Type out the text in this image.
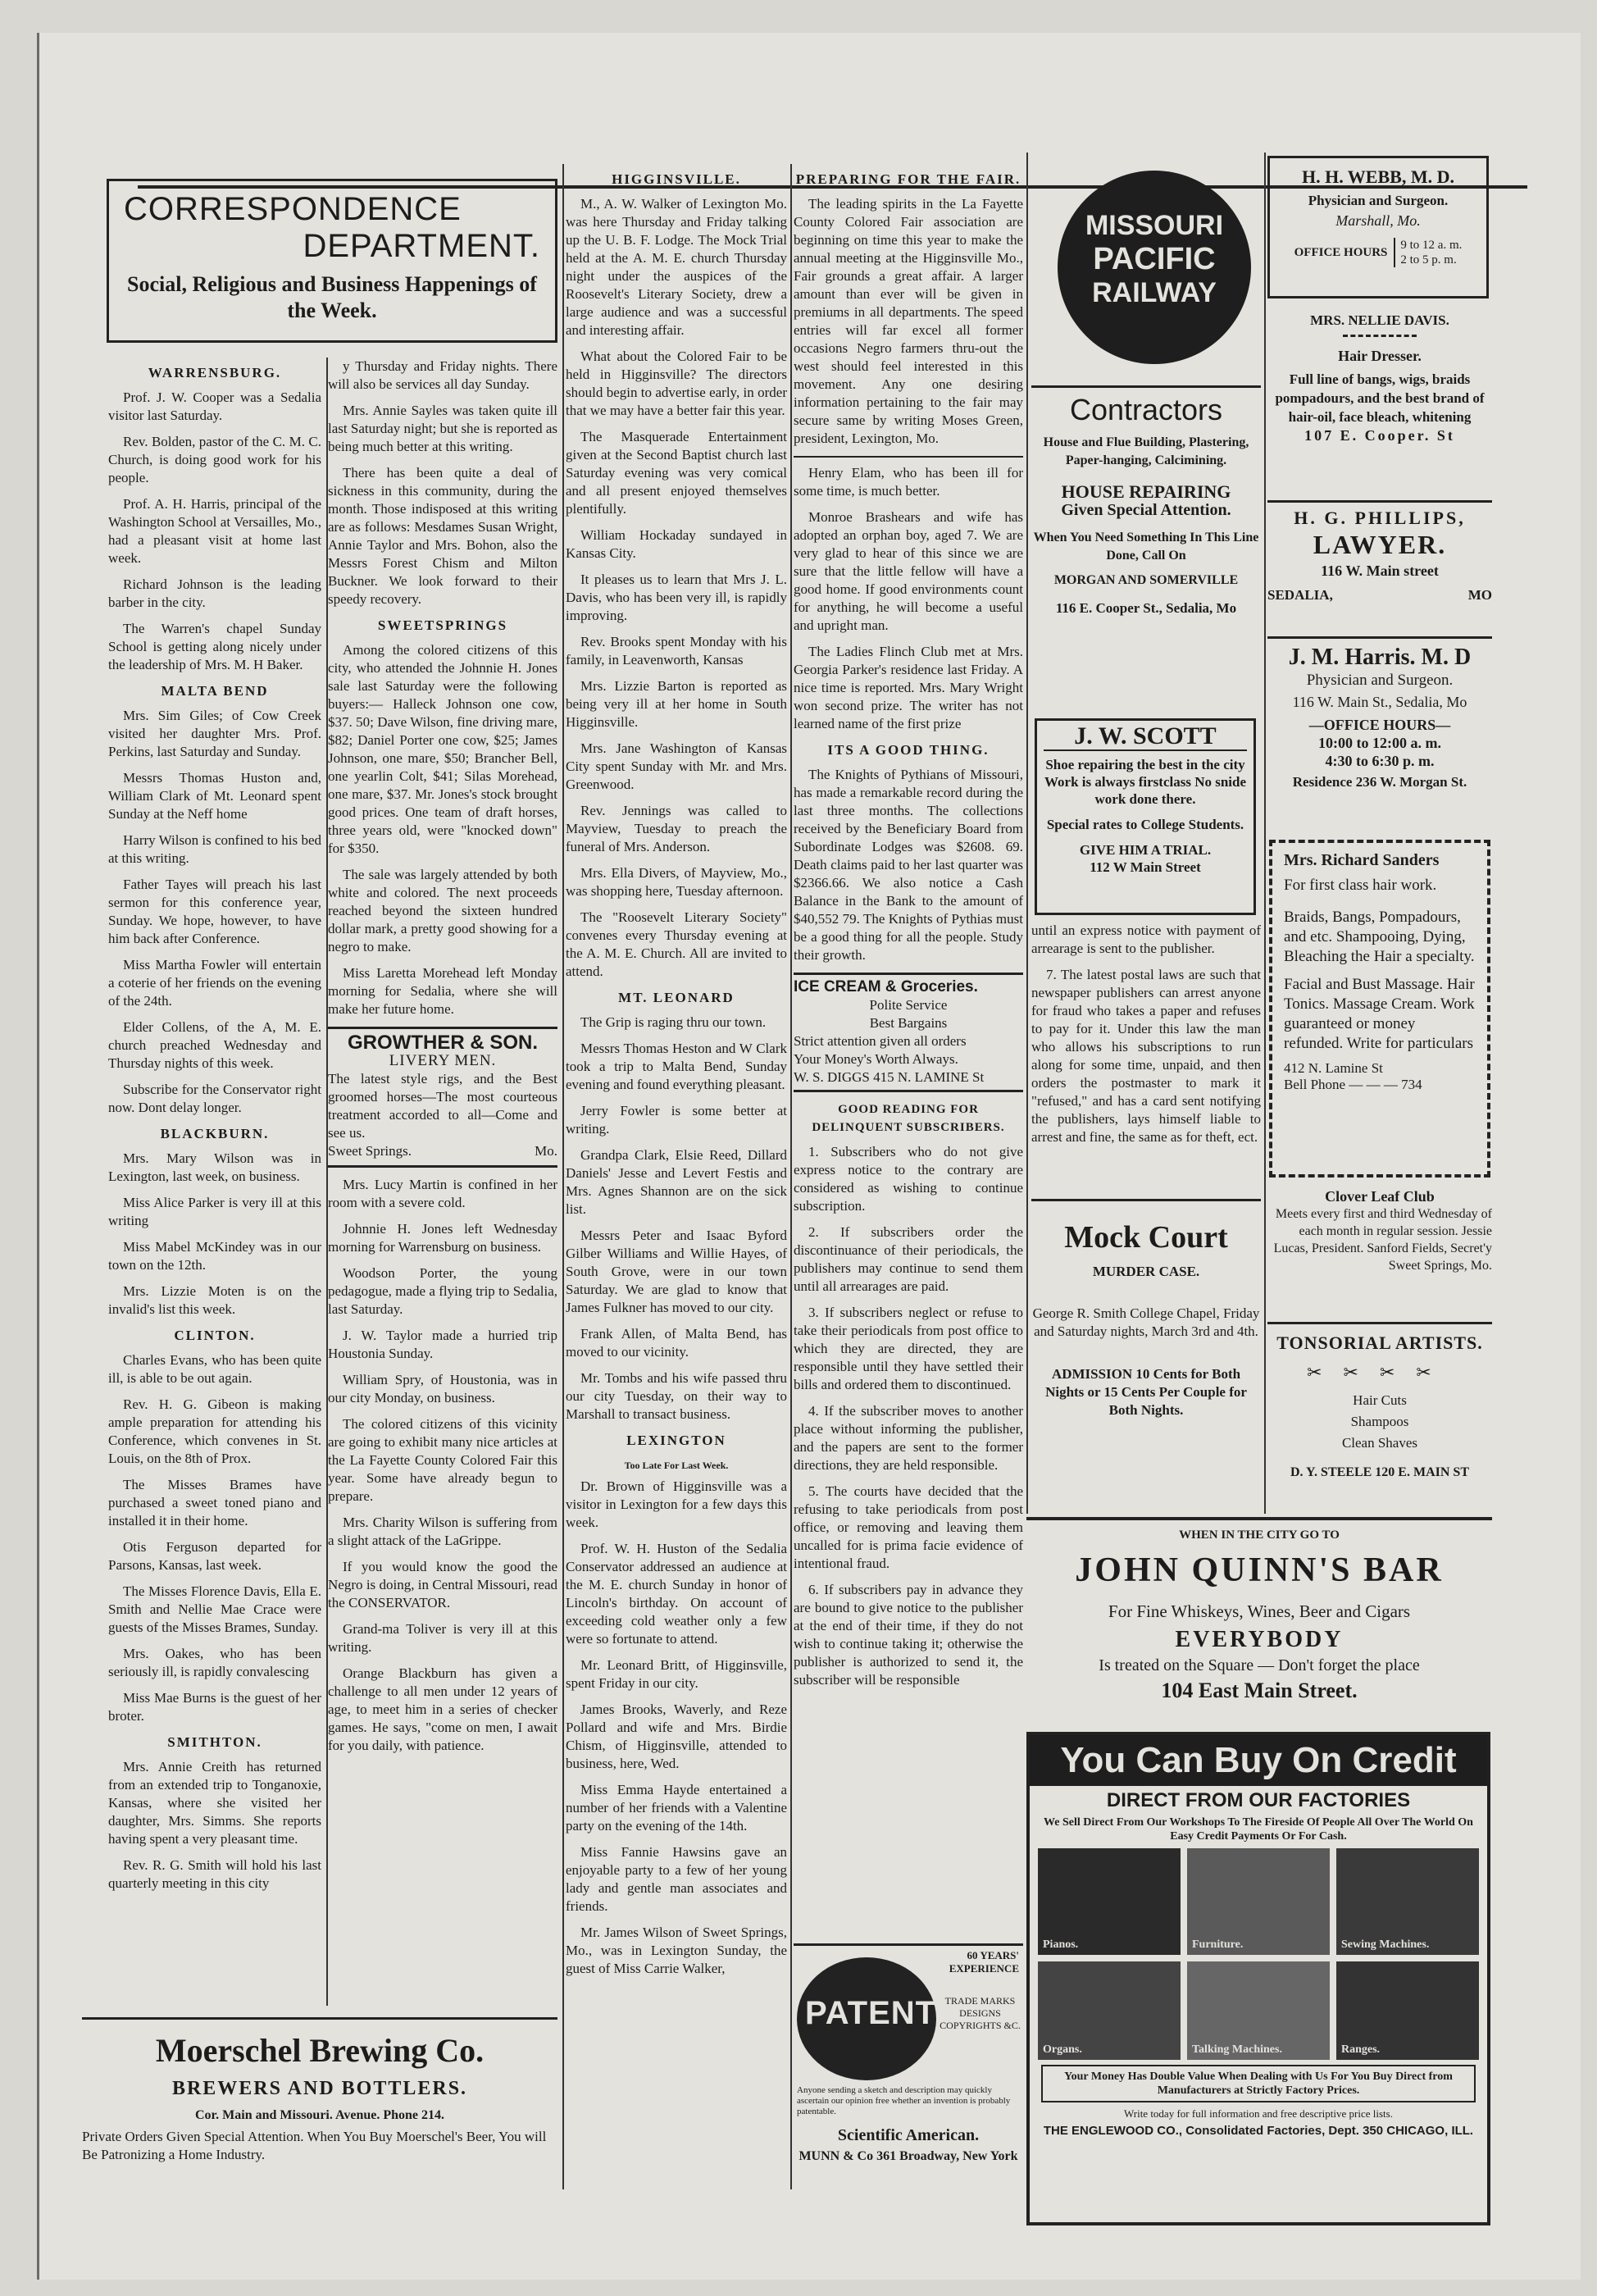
CORRESPONDENCE
DEPARTMENT.
Social, Religious and Business Happenings of the Week.
WARRENSBURG.

Prof. J. W. Cooper was a Sedalia visitor last Saturday.

Rev. Bolden, pastor of the C. M. C. Church, is doing good work for his people.

Prof. A. H. Harris, principal of the Washington School at Versailles, Mo., had a pleasant visit at home last week.

Richard Johnson is the leading barber in the city.

The Warren's chapel Sunday School is getting along nicely under the leadership of Mrs. M. H Baker.

MALTA BEND

Mrs. Sim Giles; of Cow Creek visited her daughter Mrs. Prof. Perkins, last Saturday and Sunday.

Messrs Thomas Huston and, William Clark of Mt. Leonard spent Sunday at the Neff home

Harry Wilson is confined to his bed at this writing.

Father Tayes will preach his last sermon for this conference year, Sunday. We hope, however, to have him back after Conference.

Miss Martha Fowler will entertain a coterie of her friends on the evening of the 24th.

Elder Collens, of the A, M. E. church preached Wednesday and Thursday nights of this week.

Subscribe for the Conservator right now. Dont delay longer.

BLACKBURN.

Mrs. Mary Wilson was in Lexington, last week, on business.

Miss Alice Parker is very ill at this writing

Miss Mabel McKindey was in our town on the 12th.

Mrs. Lizzie Moten is on the invalid's list this week.

CLINTON.

Charles Evans, who has been quite ill, is able to be out again.

Rev. H. G. Gibeon is making ample preparation for attending his Conference, which convenes in St. Louis, on the 8th of Prox.

The Misses Brames have purchased a sweet toned piano and installed it in their home.

Otis Ferguson departed for Parsons, Kansas, last week.

The Misses Florence Davis, Ella E. Smith and Nellie Mae Crace were guests of the Misses Brames, Sunday.

Mrs. Oakes, who has been seriously ill, is rapidly convalescing

Miss Mae Burns is the guest of her broter.

SMITHTON.

Mrs. Annie Creith has returned from an extended trip to Tonganoxie, Kansas, where she visited her daughter, Mrs. Simms. She reports having spent a very pleasant time.

Rev. R. G. Smith will hold his last quarterly meeting in this city

y Thursday and Friday nights. There will also be services all day Sunday.

Mrs. Annie Sayles was taken quite ill last Saturday night; but she is reported as being much better at this writing.

There has been quite a deal of sickness in this community, during the month. Those indisposed at this writing are as follows: Mesdames Susan Wright, Annie Taylor and Mrs. Bohon, also the Messrs Forest Chism and Milton Buckner. We look forward to their speedy recovery.

SWEETSPRINGS

Among the colored citizens of this city, who attended the Johnnie H. Jones sale last Saturday were the following buyers:— Halleck Johnson one cow, $37. 50; Dave Wilson, fine driving mare, $82; Daniel Porter one cow, $25; James Johnson, one mare, $50; Brancher Bell, one yearlin Colt, $41; Silas Morehead, one mare, $37. Mr. Jones's stock brought good prices. One team of draft horses, three years old, were "knocked down" for $350.

The sale was largely attended by both white and colored. The next proceeds reached beyond the sixteen hundred dollar mark, a pretty good showing for a negro to make.

Miss Laretta Morehead left Monday morning for Sedalia, where she will make her future home.

GROWTHER & SON.
LIVERY MEN.
The latest style rigs, and the Best groomed horses—The most courteous treatment accorded to all—Come and see us.
Sweet Springs.	Mo.

Mrs. Lucy Martin is confined in her room with a severe cold.

Johnnie H. Jones left Wednesday morning for Warrensburg on business.

Woodson Porter, the young pedagogue, made a flying trip to Sedalia, last Saturday.

J. W. Taylor made a hurried trip Houstonia Sunday.

William Spry, of Houstonia, was in our city Monday, on business.

The colored citizens of this vicinity are going to exhibit many nice articles at the La Fayette County Colored Fair this year. Some have already begun to prepare.

Mrs. Charity Wilson is suffering from a slight attack of the LaGrippe.

If you would know the good the Negro is doing, in Central Missouri, read the CONSERVATOR.

Grand-ma Toliver is very ill at this writing.

Orange Blackburn has given a challenge to all men under 12 years of age, to meet him in a series of checker games. He says, "come on men, I await for you daily, with patience.

Moerschel Brewing Co.
BREWERS AND BOTTLERS.
Cor. Main and Missouri. Avenue. Phone 214.
Private Orders Given Special Attention. When You Buy Moerschel's Beer, You will Be Patronizing a Home Industry.
HIGGINSVILLE.

M., A. W. Walker of Lexington Mo. was here Thursday and Friday talking up the U. B. F. Lodge. The Mock Trial held at the A. M. E. church Thursday night under the auspices of the Roosevelt's Literary Society, drew a large audience and was a successful and interesting affair.

What about the Colored Fair to be held in Higginsville? The directors should begin to advertise early, in order that we may have a better fair this year.

The Masquerade Entertainment given at the Second Baptist church last Saturday evening was very comical and all present enjoyed themselves plentifully.

William Hockaday sundayed in Kansas City.

It pleases us to learn that Mrs J. L. Davis, who has been very ill, is rapidly improving.

Rev. Brooks spent Monday with his family, in Leavenworth, Kansas

Mrs. Lizzie Barton is reported as being very ill at her home in South Higginsville.

Mrs. Jane Washington of Kansas City spent Sunday with Mr. and Mrs. Greenwood.

Rev. Jennings was called to Mayview, Tuesday to preach the funeral of Mrs. Anderson.

Mrs. Ella Divers, of Mayview, Mo., was shopping here, Tuesday afternoon.

The "Roosevelt Literary Society" convenes every Thursday evening at the A. M. E. Church. All are invited to attend.

MT. LEONARD

The Grip is raging thru our town.

Messrs Thomas Heston and W Clark took a trip to Malta Bend, Sunday evening and found everything pleasant.

Jerry Fowler is some better at writing.

Grandpa Clark, Elsie Reed, Dillard Daniels' Jesse and Levert Festis and Mrs. Agnes Shannon are on the sick list.

Messrs Peter and Isaac Byford Gilber Williams and Willie Hayes, of South Grove, were in our town Saturday. We are glad to know that James Fulkner has moved to our city.

Frank Allen, of Malta Bend, has moved to our vicinity.

Mr. Tombs and his wife passed thru our city Tuesday, on their way to Marshall to transact business.

LEXINGTON
Too Late For Last Week.

Dr. Brown of Higginsville was a visitor in Lexington for a few days this week.

Prof. W. H. Huston of the Sedalia Conservator addressed an audience at the M. E. church Sunday in honor of Lincoln's birthday. On account of exceeding cold weather only a few were so fortunate to attend.

Mr. Leonard Britt, of Higginsville, spent Friday in our city.

James Brooks, Waverly, and Reze Pollard and wife and Mrs. Birdie Chism, of Higginsville, attended to business, here, Wed.

Miss Emma Hayde entertained a number of her friends with a Valentine party on the evening of the 14th.

Miss Fannie Hawsins gave an enjoyable party to a few of her young lady and gentle man associates and friends.

Mr. James Wilson of Sweet Springs, Mo., was in Lexington Sunday, the guest of Miss Carrie Walker,

PREPARING FOR THE FAIR.

The leading spirits in the La Fayette County Colored Fair association are beginning on time this year to make the annual meeting at the Higginsville Mo., Fair grounds a great affair. A larger amount than ever will be given in premiums in all departments. The speed entries will far excel all former occasions Negro farmers thru-out the west should feel interested in this movement. Any one desiring information pertaining to the fair may secure same by writing Moses Green, president, Lexington, Mo.

Henry Elam, who has been ill for some time, is much better.

Monroe Brashears and wife has adopted an orphan boy, aged 7. We are very glad to hear of this since we are sure that the little fellow will have a good home. If good environments count for anything, he will become a useful and upright man.

The Ladies Flinch Club met at Mrs. Georgia Parker's residence last Friday. A nice time is reported. Mrs. Mary Wright won second prize. The writer has not learned name of the first prize

ITS A GOOD THING.

The Knights of Pythians of Missouri, has made a remarkable record during the last three months. The collections received by the Beneficiary Board from Subordinate Lodges was $2608. 69. Death claims paid to her last quarter was $2366.66. We also notice a Cash Balance in the Bank to the amount of $40,552 79. The Knights of Pythias must be a good thing for all the people. Study their growth.

ICE CREAM & Groceries.
Polite Service
Best Bargains
Strict attention given all orders
Your Money's Worth Always.
W. S. DIGGS 415 N. LAMINE St
GOOD READING FOR DELINQUENT SUBSCRIBERS.

1. Subscribers who do not give express notice to the contrary are considered as wishing to continue subscription.

2. If subscribers order the discontinuance of their periodicals, the publishers may continue to send them until all arrearages are paid.

3. If subscribers neglect or refuse to take their periodicals from post office to which they are directed, they are responsible until they have settled their bills and ordered them to discontinued.

4. If the subscriber moves to another place without informing the publisher, and the papers are sent to the former directions, they are held responsible.

5. The courts have decided that the refusing to take periodicals from post office, or removing and leaving them uncalled for is prima facie evidence of intentional fraud.

6. If subscribers pay in advance they are bound to give notice to the publisher at the end of their time, if they do not wish to continue taking it; otherwise the publisher is authorized to send it, the subscriber will be responsible

60 YEARS' EXPERIENCE
PATENTS
TRADE MARKS
DESIGNS
COPYRIGHTS &C.
Anyone sending a sketch and description may quickly ascertain our opinion free whether an invention is probably patentable.
Scientific American.
MUNN & Co 361 Broadway, New York
MISSOURI
PACIFIC
RAILWAY
Contractors
House and Flue Building, Plastering, Paper-hanging, Calcimining.
HOUSE REPAIRING
Given Special Attention.
When You Need Something In This Line Done, Call On
MORGAN AND SOMERVILLE
116 E. Cooper St., Sedalia, Mo
J. W. SCOTT
Shoe repairing the best in the city Work is always firstclass No snide work done there.
Special rates to College Students.
GIVE HIM A TRIAL.
112 W Main Street

until an express notice with payment of arrearage is sent to the publisher.

7. The latest postal laws are such that newspaper publishers can arrest anyone for fraud who takes a paper and refuses to pay for it. Under this law the man who allows his subscriptions to run along for some time, unpaid, and then orders the postmaster to mark it "refused," and has a card sent notifying the publishers, lays himself liable to arrest and fine, the same as for theft, ect.

Mock Court
MURDER CASE.
George R. Smith College Chapel, Friday and Saturday nights, March 3rd and 4th.
ADMISSION 10 Cents for Both Nights or 15 Cents Per Couple for Both Nights.
H. H. WEBB, M. D.
Physician and Surgeon.
Marshall, Mo.
OFFICE HOURS
9 to 12 a. m.
2 to 5 p. m.
MRS. NELLIE DAVIS.
Hair Dresser.
Full line of bangs, wigs, braids pompadours, and the best brand of hair-oil, face bleach, whitening
107 E. Cooper. St
H. G. PHILLIPS,
LAWYER.
116 W. Main street
SEDALIA,	MO
J. M. Harris. M. D
Physician and Surgeon.
116 W. Main St., Sedalia, Mo
—OFFICE HOURS—
10:00 to 12:00 a. m.
4:30 to 6:30 p. m.
Residence 236 W. Morgan St.
Mrs. Richard Sanders
For first class hair work.
Braids, Bangs, Pompadours, and etc. Shampooing, Dying, Bleaching the Hair a specialty.
Facial and Bust Massage. Hair Tonics. Massage Cream. Work guaranteed or money refunded. Write for particulars
412 N. Lamine St
Bell Phone — — — 734
Clover Leaf Club
Meets every first and third Wednesday of each month in regular session. Jessie Lucas, President. Sanford Fields, Secret'y Sweet Springs, Mo.
TONSORIAL ARTISTS.
✂✂✂✂
Hair Cuts
Shampoos
Clean Shaves
D. Y. STEELE 120 E. MAIN ST
WHEN IN THE CITY GO TO
JOHN QUINN'S BAR
For Fine Whiskeys, Wines, Beer and Cigars
EVERYBODY
Is treated on the Square — Don't forget the place
104 East Main Street.
You Can Buy On Credit
DIRECT FROM OUR FACTORIES
We Sell Direct From Our Workshops To The Fireside Of People All Over The World On Easy Credit Payments Or For Cash.
Pianos.	Furniture.	Sewing Machines.
Organs.	Talking Machines.	Ranges.
Your Money Has Double Value When Dealing with Us For You Buy Direct from Manufacturers at Strictly Factory Prices.
Write today for full information and free descriptive price lists.
THE ENGLEWOOD CO., Consolidated Factories, Dept. 350 CHICAGO, ILL.
